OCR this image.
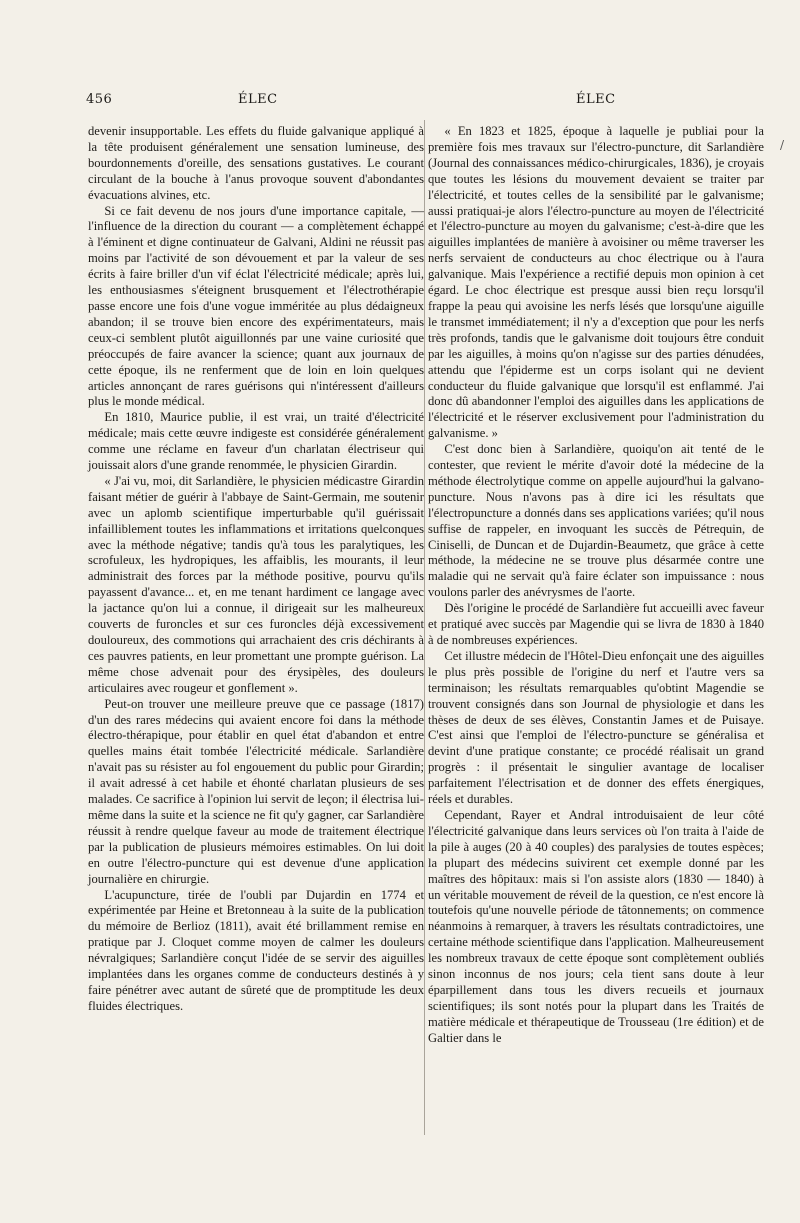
456	ÉLEC	ÉLEC
/

devenir insupportable. Les effets du fluide galvanique appliqué à la tête produisent généralement une sensation lumineuse, des bourdonnements d'oreille, des sensations gustatives. Le courant circulant de la bouche à l'anus provoque souvent d'abondantes évacuations alvines, etc.

Si ce fait devenu de nos jours d'une importance capitale, — l'influence de la direction du courant — a complètement échappé à l'éminent et digne continuateur de Galvani, Aldini ne réussit pas moins par l'activité de son dévouement et par la valeur de ses écrits à faire briller d'un vif éclat l'électricité médicale; après lui, les enthousiasmes s'éteignent brusquement et l'électrothérapie passe encore une fois d'une vogue imméritée au plus dédaigneux abandon; il se trouve bien encore des expérimentateurs, mais ceux-ci semblent plutôt aiguillonnés par une vaine curiosité que préoccupés de faire avancer la science; quant aux journaux de cette époque, ils ne renferment que de loin en loin quelques articles annonçant de rares guérisons qui n'intéressent d'ailleurs plus le monde médical.

En 1810, Maurice publie, il est vrai, un traité d'électricité médicale; mais cette œuvre indigeste est considérée généralement comme une réclame en faveur d'un charlatan électriseur qui jouissait alors d'une grande renommée, le physicien Girardin.

« J'ai vu, moi, dit Sarlandière, le physicien médicastre Girardin faisant métier de guérir à l'abbaye de Saint-Germain, me soutenir avec un aplomb scientifique imperturbable qu'il guérissait infailliblement toutes les inflammations et irritations quelconques avec la méthode négative; tandis qu'à tous les paralytiques, les scrofuleux, les hydropiques, les affaiblis, les mourants, il leur administrait des forces par la méthode positive, pourvu qu'ils payassent d'avance... et, en me tenant hardiment ce langage avec la jactance qu'on lui a connue, il dirigeait sur les malheureux couverts de furoncles et sur ces furoncles déjà excessivement douloureux, des commotions qui arrachaient des cris déchirants à ces pauvres patients, en leur promettant une prompte guérison. La même chose advenait pour des érysipèles, des douleurs articulaires avec rougeur et gonflement ».

Peut-on trouver une meilleure preuve que ce passage (1817) d'un des rares médecins qui avaient encore foi dans la méthode électro-thérapique, pour établir en quel état d'abandon et entre quelles mains était tombée l'électricité médicale. Sarlandière n'avait pas su résister au fol engouement du public pour Girardin; il avait adressé à cet habile et éhonté charlatan plusieurs de ses malades. Ce sacrifice à l'opinion lui servit de leçon; il électrisa lui-même dans la suite et la science ne fit qu'y gagner, car Sarlandière réussit à rendre quelque faveur au mode de traitement électrique par la publication de plusieurs mémoires estimables. On lui doit en outre l'électro-puncture qui est devenue d'une application journalière en chirurgie.

L'acupuncture, tirée de l'oubli par Dujardin en 1774 et expérimentée par Heine et Bretonneau à la suite de la publication du mémoire de Berlioz (1811), avait été brillamment remise en pratique par J. Cloquet comme moyen de calmer les douleurs névralgiques; Sarlandière conçut l'idée de se servir des aiguilles implantées dans les organes comme de conducteurs destinés à y faire pénétrer avec autant de sûreté que de promptitude les deux fluides électriques.

« En 1823 et 1825, époque à laquelle je publiai pour la première fois mes travaux sur l'électro-puncture, dit Sarlandière (Journal des connaissances médico-chirurgicales, 1836), je croyais que toutes les lésions du mouvement devaient se traiter par l'électricité, et toutes celles de la sensibilité par le galvanisme; aussi pratiquai-je alors l'électro-puncture au moyen de l'électricité et l'électro-puncture au moyen du galvanisme; c'est-à-dire que les aiguilles implantées de manière à avoisiner ou même traverser les nerfs servaient de conducteurs au choc électrique ou à l'aura galvanique. Mais l'expérience a rectifié depuis mon opinion à cet égard. Le choc électrique est presque aussi bien reçu lorsqu'il frappe la peau qui avoisine les nerfs lésés que lorsqu'une aiguille le transmet immédiatement; il n'y a d'exception que pour les nerfs très profonds, tandis que le galvanisme doit toujours être conduit par les aiguilles, à moins qu'on n'agisse sur des parties dénudées, attendu que l'épiderme est un corps isolant qui ne devient conducteur du fluide galvanique que lorsqu'il est enflammé. J'ai donc dû abandonner l'emploi des aiguilles dans les applications de l'électricité et le réserver exclusivement pour l'administration du galvanisme. »

C'est donc bien à Sarlandière, quoiqu'on ait tenté de le contester, que revient le mérite d'avoir doté la médecine de la méthode électrolytique comme on appelle aujourd'hui la galvano-puncture. Nous n'avons pas à dire ici les résultats que l'électropuncture a donnés dans ses applications variées; qu'il nous suffise de rappeler, en invoquant les succès de Pétrequin, de Ciniselli, de Duncan et de Dujardin-Beaumetz, que grâce à cette méthode, la médecine ne se trouve plus désarmée contre une maladie qui ne servait qu'à faire éclater son impuissance : nous voulons parler des anévrysmes de l'aorte.

Dès l'origine le procédé de Sarlandière fut accueilli avec faveur et pratiqué avec succès par Magendie qui se livra de 1830 à 1840 à de nombreuses expériences.

Cet illustre médecin de l'Hôtel-Dieu enfonçait une des aiguilles le plus près possible de l'origine du nerf et l'autre vers sa terminaison; les résultats remarquables qu'obtint Magendie se trouvent consignés dans son Journal de physiologie et dans les thèses de deux de ses élèves, Constantin James et de Puisaye. C'est ainsi que l'emploi de l'électro-puncture se généralisa et devint d'une pratique constante; ce procédé réalisait un grand progrès : il présentait le singulier avantage de localiser parfaitement l'électrisation et de donner des effets énergiques, réels et durables.

Cependant, Rayer et Andral introduisaient de leur côté l'électricité galvanique dans leurs services où l'on traita à l'aide de la pile à auges (20 à 40 couples) des paralysies de toutes espèces; la plupart des médecins suivirent cet exemple donné par les maîtres des hôpitaux: mais si l'on assiste alors (1830 — 1840) à un véritable mouvement de réveil de la question, ce n'est encore là toutefois qu'une nouvelle période de tâtonnements; on commence néanmoins à remarquer, à travers les résultats contradictoires, une certaine méthode scientifique dans l'application. Malheureusement les nombreux travaux de cette époque sont complètement oubliés sinon inconnus de nos jours; cela tient sans doute à leur éparpillement dans tous les divers recueils et journaux scientifiques; ils sont notés pour la plupart dans les Traités de matière médicale et thérapeutique de Trousseau (1re édition) et de Galtier dans le
